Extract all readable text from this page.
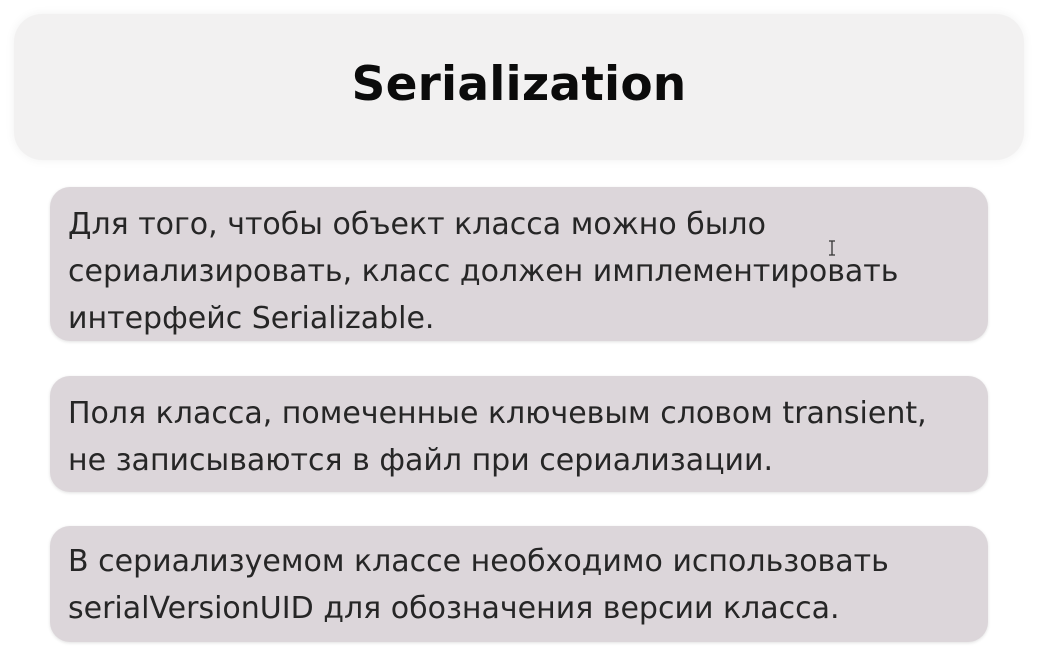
Serialization

Для того, чтобы объект класса можно было

сериализировать, класс должен имплементировать

интерфейс Serializable.

Поля класса, помеченные ключевым словом transient,

не записываются в файл при сериализации.

В сериализуемом классе необходимо использовать

serialVersionUID для обозначения версии класса.
